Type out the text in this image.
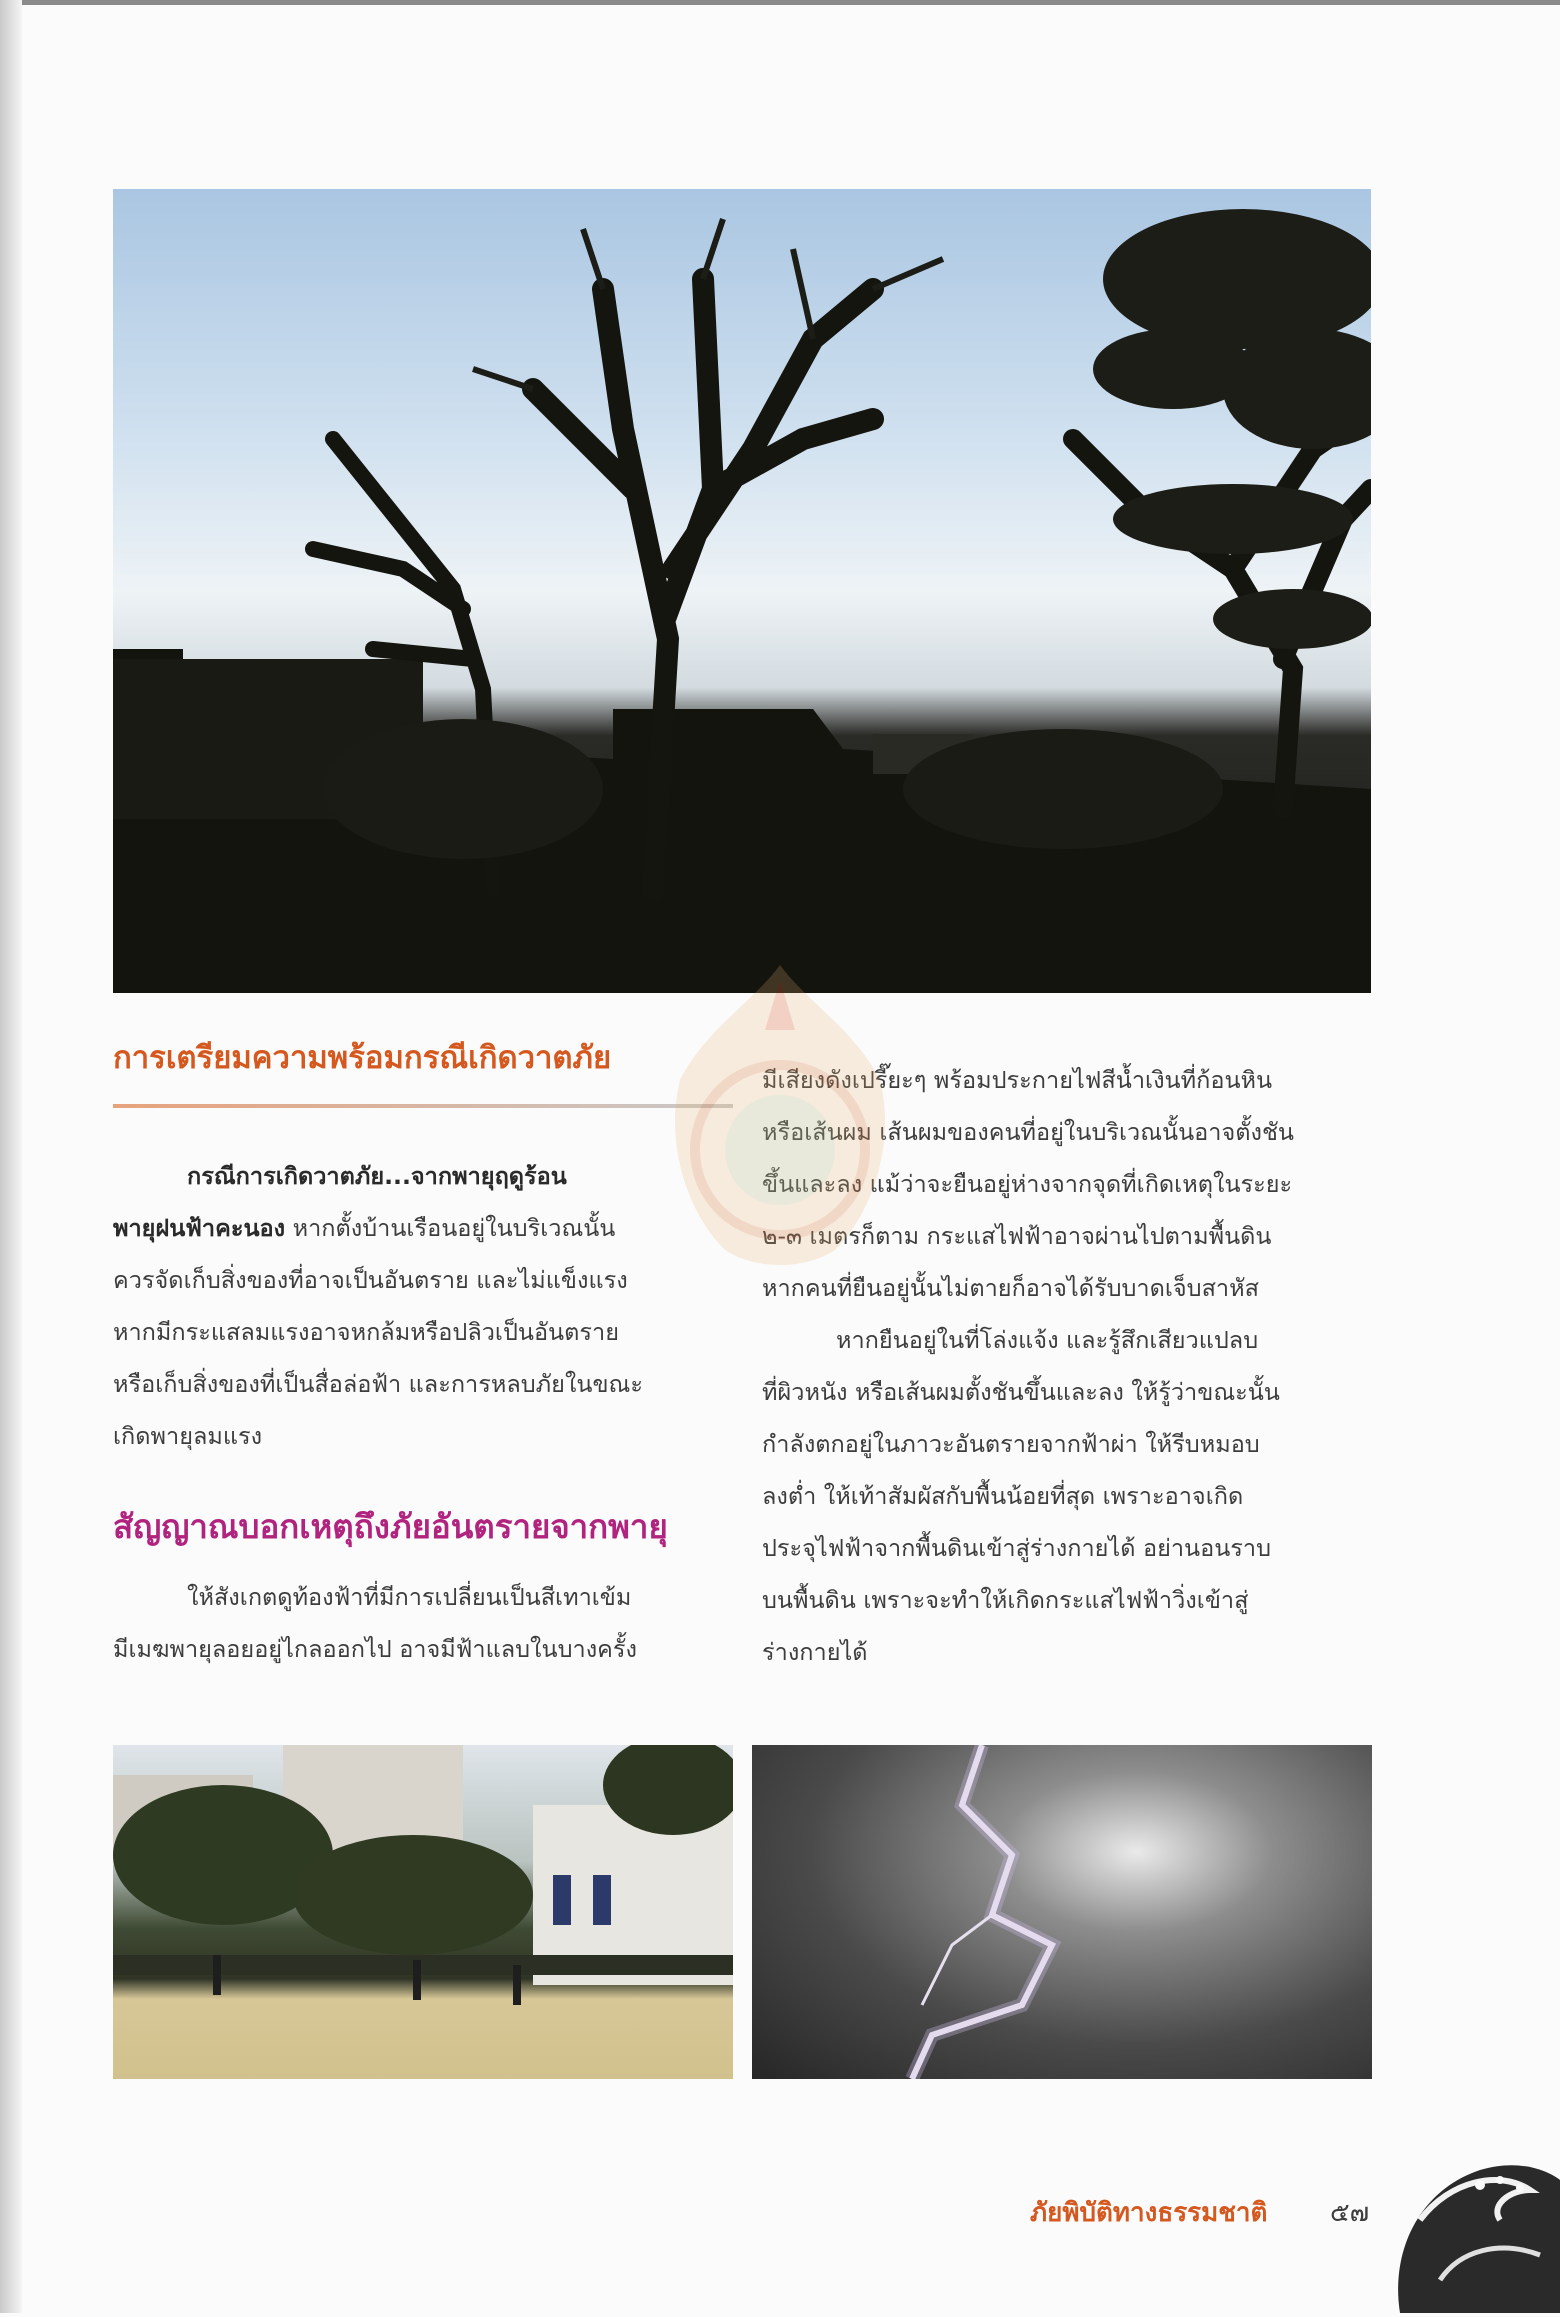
การเตรียมความพร้อมกรณีเกิดวาตภัย

กรณีการเกิดวาตภัย...จากพายุฤดูร้อน

พายุฝนฟ้าคะนอง หากตั้งบ้านเรือนอยู่ในบริเวณนั้น

ควรจัดเก็บสิ่งของที่อาจเป็นอันตราย และไม่แข็งแรง

หากมีกระแสลมแรงอาจหกล้มหรือปลิวเป็นอันตราย

หรือเก็บสิ่งของที่เป็นสื่อล่อฟ้า และการหลบภัยในขณะ

เกิดพายุลมแรง

สัญญาณบอกเหตุถึงภัยอันตรายจากพายุ

ให้สังเกตดูท้องฟ้าที่มีการเปลี่ยนเป็นสีเทาเข้ม

มีเมฆพายุลอยอยู่ไกลออกไป อาจมีฟ้าแลบในบางครั้ง

มีเสียงดังเปรี๊ยะๆ พร้อมประกายไฟสีน้ำเงินที่ก้อนหิน

หรือเส้นผม เส้นผมของคนที่อยู่ในบริเวณนั้นอาจตั้งชัน

ขึ้นและลง แม้ว่าจะยืนอยู่ห่างจากจุดที่เกิดเหตุในระยะ

๒-๓ เมตรก็ตาม กระแสไฟฟ้าอาจผ่านไปตามพื้นดิน

หากคนที่ยืนอยู่นั้นไม่ตายก็อาจได้รับบาดเจ็บสาหัส

หากยืนอยู่ในที่โล่งแจ้ง และรู้สึกเสียวแปลบ

ที่ผิวหนัง หรือเส้นผมตั้งชันขึ้นและลง ให้รู้ว่าขณะนั้น

กำลังตกอยู่ในภาวะอันตรายจากฟ้าผ่า ให้รีบหมอบ

ลงต่ำ ให้เท้าสัมผัสกับพื้นน้อยที่สุด เพราะอาจเกิด

ประจุไฟฟ้าจากพื้นดินเข้าสู่ร่างกายได้ อย่านอนราบ

บนพื้นดิน เพราะจะทำให้เกิดกระแสไฟฟ้าวิ่งเข้าสู่

ร่างกายได้

ภัยพิบัติทางธรรมชาติ ๕๗
